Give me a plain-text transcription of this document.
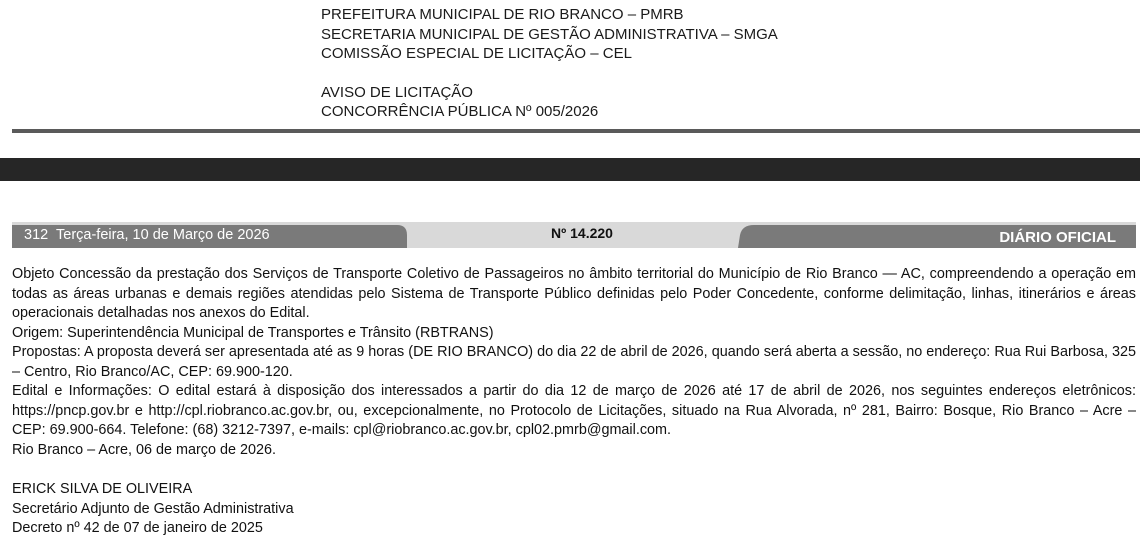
PREFEITURA MUNICIPAL DE RIO BRANCO – PMRB
SECRETARIA MUNICIPAL DE GESTÃO ADMINISTRATIVA – SMGA
COMISSÃO ESPECIAL DE LICITAÇÃO – CEL
AVISO DE LICITAÇÃO
CONCORRÊNCIA PÚBLICA Nº 005/2026
312 Terça-feira, 10 de Março de 2026	Nº 14.220	DIÁRIO OFICIAL
Objeto Concessão da prestação dos Serviços de Transporte Coletivo de Passageiros no âmbito territorial do Município de Rio Branco — AC, compreendendo a operação em todas as áreas urbanas e demais regiões atendidas pelo Sistema de Transporte Público definidas pelo Poder Concedente, conforme delimitação, linhas, itinerários e áreas operacionais detalhadas nos anexos do Edital.
Origem: Superintendência Municipal de Transportes e Trânsito (RBTRANS)
Propostas: A proposta deverá ser apresentada até as 9 horas (DE RIO BRANCO) do dia 22 de abril de 2026, quando será aberta a sessão, no endereço: Rua Rui Barbosa, 325 – Centro, Rio Branco/AC, CEP: 69.900-120.
Edital e Informações: O edital estará à disposição dos interessados a partir do dia 12 de março de 2026 até 17 de abril de 2026, nos seguintes endereços eletrônicos: https://pncp.gov.br e http://cpl.riobranco.ac.gov.br, ou, excepcionalmente, no Protocolo de Licitações, situado na Rua Alvorada, nº 281, Bairro: Bosque, Rio Branco – Acre – CEP: 69.900-664. Telefone: (68) 3212-7397, e-mails: cpl@riobranco.ac.gov.br, cpl02.pmrb@gmail.com.
Rio Branco – Acre, 06 de março de 2026.
ERICK SILVA DE OLIVEIRA
Secretário Adjunto de Gestão Administrativa
Decreto nº 42 de 07 de janeiro de 2025
